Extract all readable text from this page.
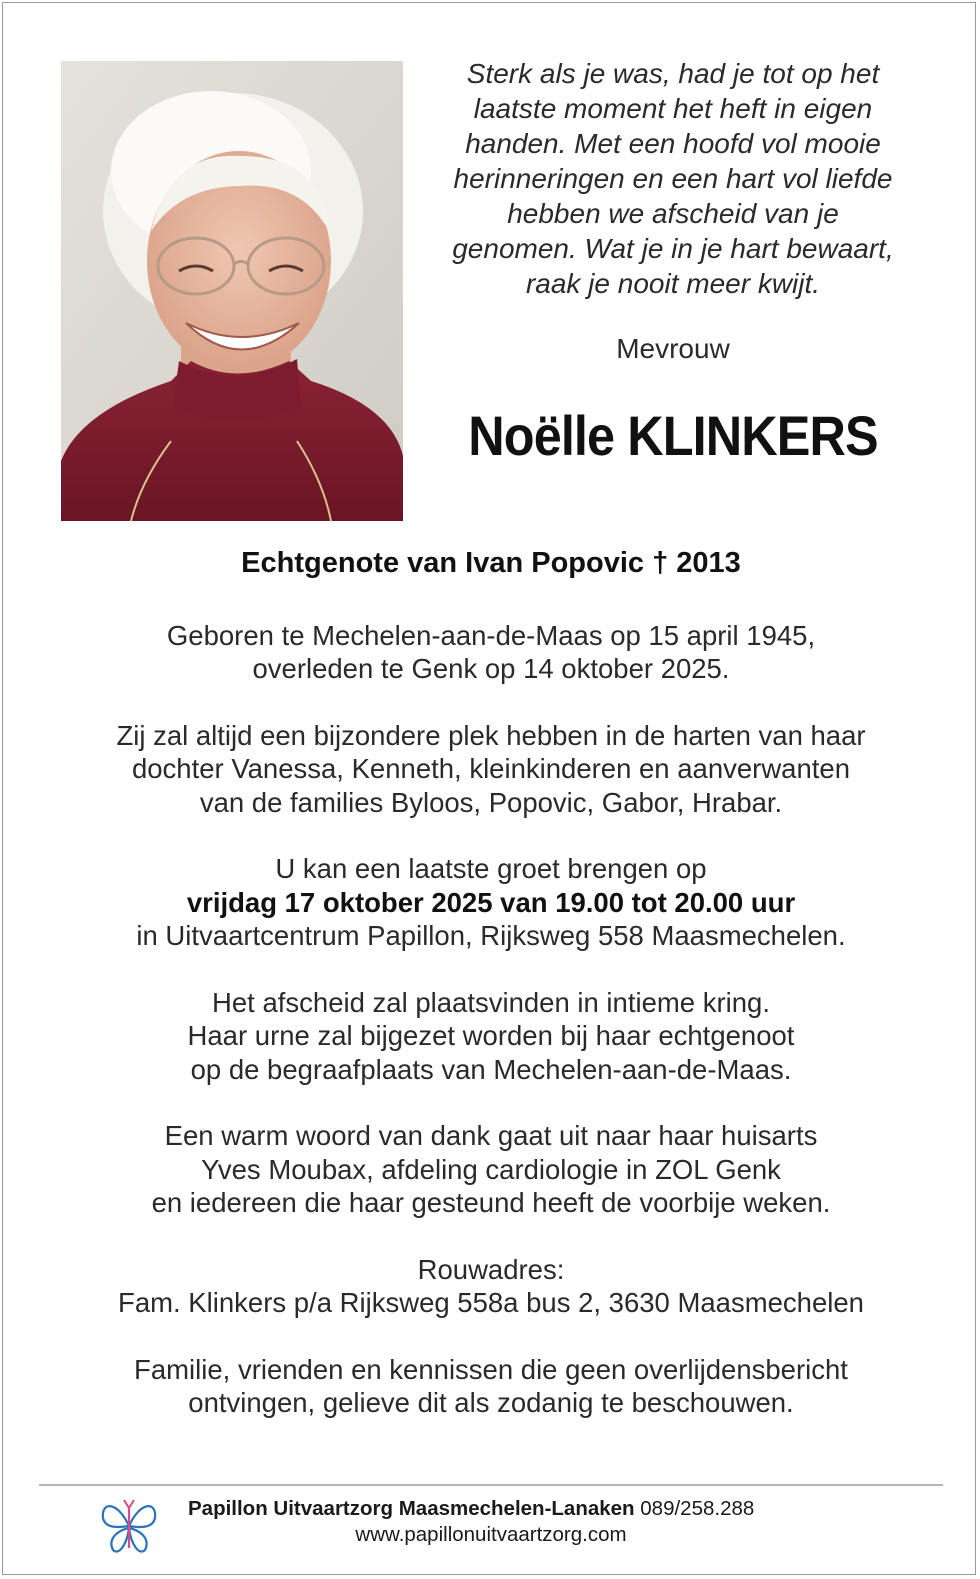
Sterk als je was, had je tot op het
laatste moment het heft in eigen
handen. Met een hoofd vol mooie
herinneringen en een hart vol liefde
hebben we afscheid van je
genomen. Wat je in je hart bewaart,
raak je nooit meer kwijt.
Mevrouw
Noëlle KLINKERS
Echtgenote van Ivan Popovic † 2013
Geboren te Mechelen-aan-de-Maas op 15 april 1945,
overleden te Genk op 14 oktober 2025.
Zij zal altijd een bijzondere plek hebben in de harten van haar
dochter Vanessa, Kenneth, kleinkinderen en aanverwanten
van de families Byloos, Popovic, Gabor, Hrabar.
U kan een laatste groet brengen op
vrijdag 17 oktober 2025 van 19.00 tot 20.00 uur
in Uitvaartcentrum Papillon, Rijksweg 558 Maasmechelen.
Het afscheid zal plaatsvinden in intieme kring.
Haar urne zal bijgezet worden bij haar echtgenoot
op de begraafplaats van Mechelen-aan-de-Maas.
Een warm woord van dank gaat uit naar haar huisarts
Yves Moubax, afdeling cardiologie in ZOL Genk
en iedereen die haar gesteund heeft de voorbije weken.
Rouwadres:
Fam. Klinkers p/a Rijksweg 558a bus 2, 3630 Maasmechelen
Familie, vrienden en kennissen die geen overlijdensbericht
ontvingen, gelieve dit als zodanig te beschouwen.
Papillon Uitvaartzorg Maasmechelen-Lanaken 089/258.288
www.papillonuitvaartzorg.com
